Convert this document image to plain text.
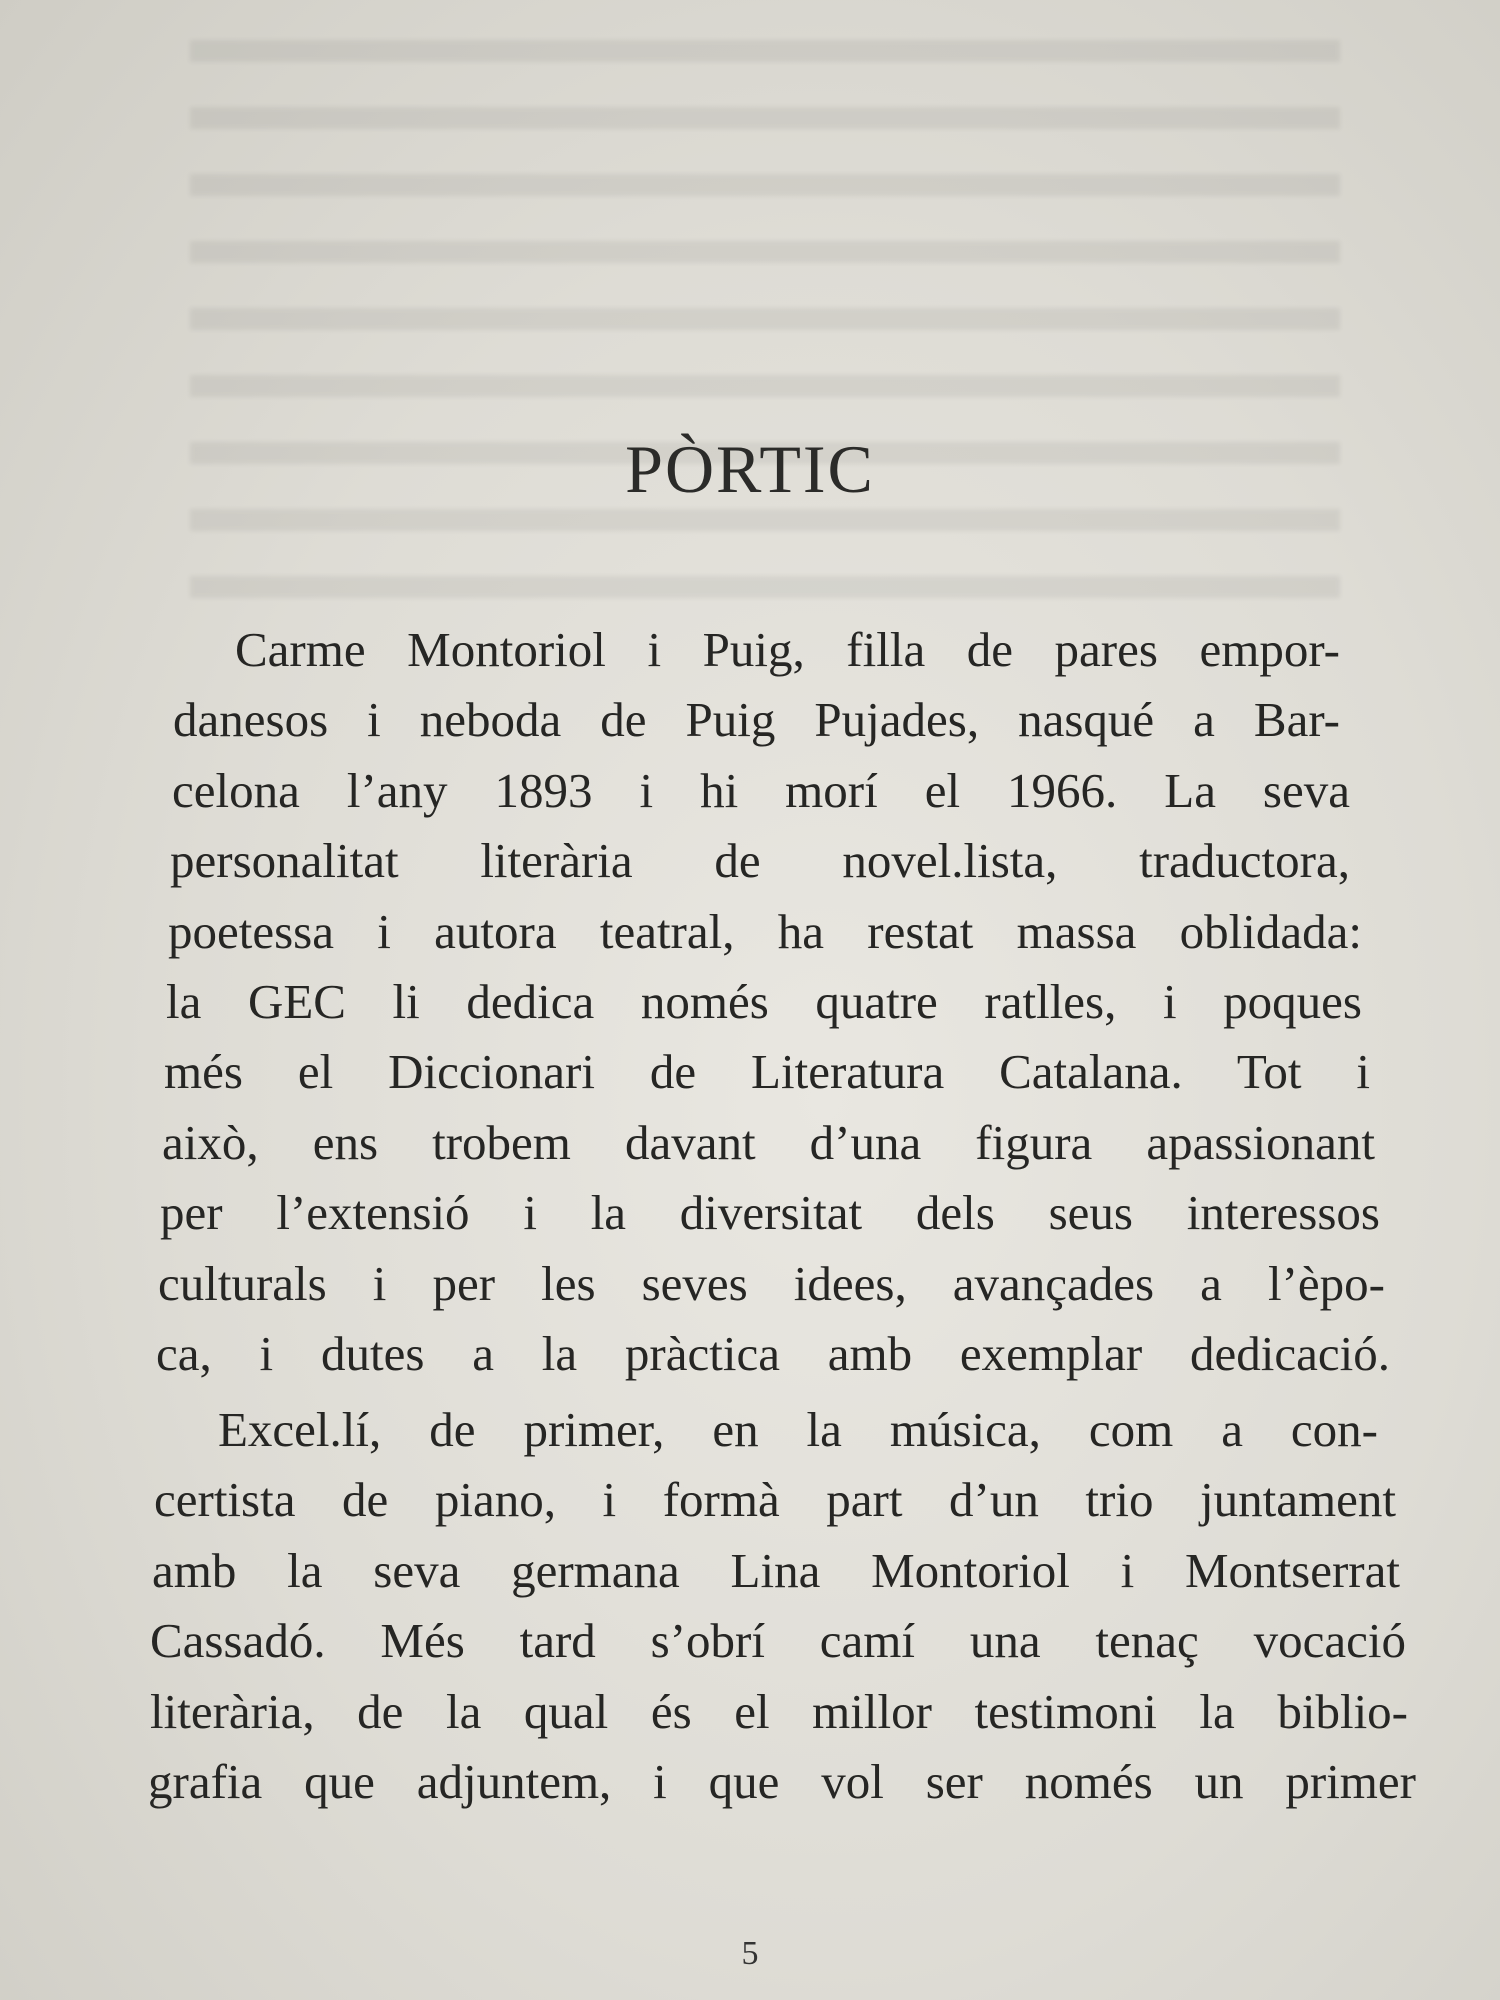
PÒRTIC
Carme Montoriol i Puig, filla de pares empor-
danesos i neboda de Puig Pujades, nasqué a Bar-
celona l’any 1893 i hi morí el 1966. La seva
personalitat literària de novel.lista, traductora,
poetessa i autora teatral, ha restat massa oblidada:
la GEC li dedica només quatre ratlles, i poques
més el Diccionari de Literatura Catalana. Tot i
això, ens trobem davant d’una figura apassionant
per l’extensió i la diversitat dels seus interessos
culturals i per les seves idees, avançades a l’èpo-
ca, i dutes a la pràctica amb exemplar dedicació.
Excel.lí, de primer, en la música, com a con-
certista de piano, i formà part d’un trio juntament
amb la seva germana Lina Montoriol i Montserrat
Cassadó. Més tard s’obrí camí una tenaç vocació
literària, de la qual és el millor testimoni la biblio-
grafia que adjuntem, i que vol ser només un primer
5
